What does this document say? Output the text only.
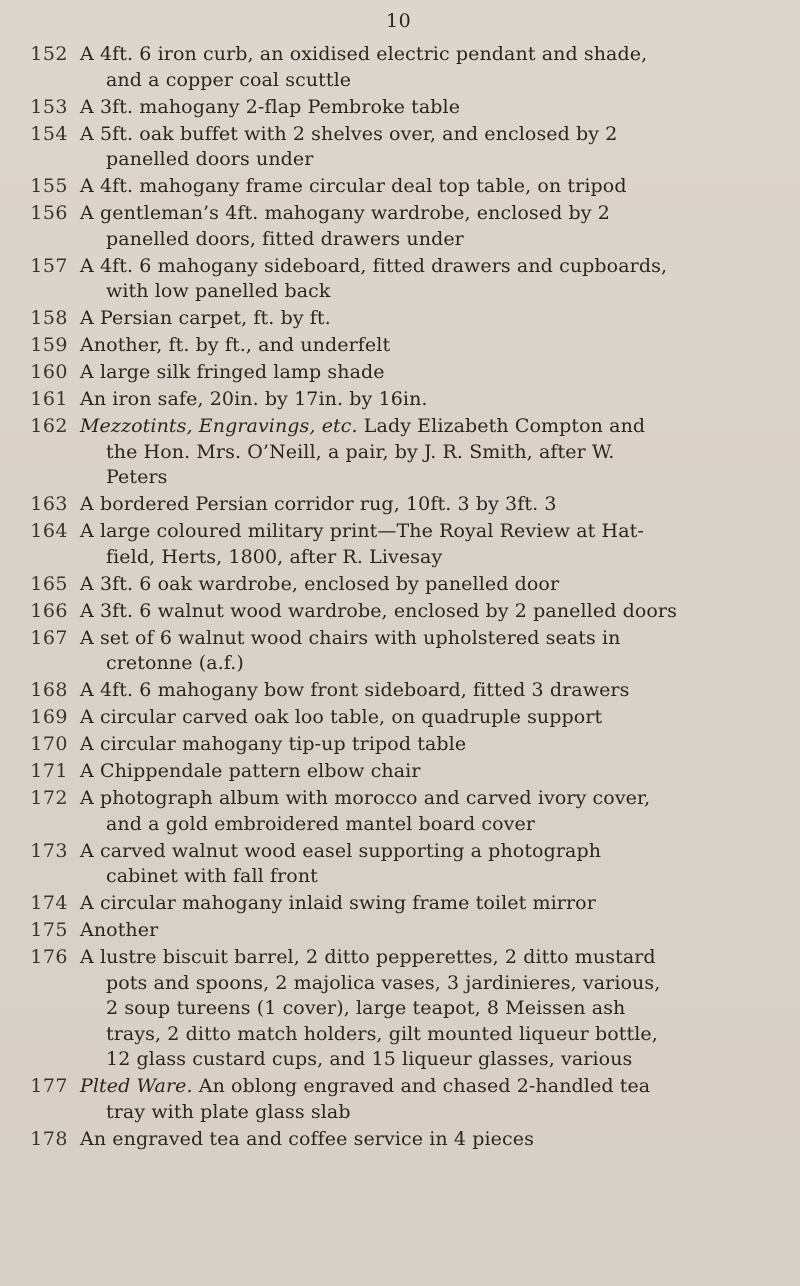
10
152 A 4ft. 6 iron curb, an oxidised electric pendant and shade,
and a copper coal scuttle
153 A 3ft. mahogany 2-flap Pembroke table
154 A 5ft. oak buffet with 2 shelves over, and enclosed by 2
panelled doors under
155 A 4ft. mahogany frame circular deal top table, on tripod
156 A gentleman’s 4ft. mahogany wardrobe, enclosed by 2
panelled doors, fitted drawers under
157 A 4ft. 6 mahogany sideboard, fitted drawers and cupboards,
with low panelled back
158 A Persian carpet, ft. by ft.
159 Another, ft. by ft., and underfelt
160 A large silk fringed lamp shade
161 An iron safe, 20in. by 17in. by 16in.
162 Mezzotints, Engravings, etc. Lady Elizabeth Compton and
the Hon. Mrs. O’Neill, a pair, by J. R. Smith, after W.
Peters
163 A bordered Persian corridor rug, 10ft. 3 by 3ft. 3
164 A large coloured military print—The Royal Review at Hat-
field, Herts, 1800, after R. Livesay
165 A 3ft. 6 oak wardrobe, enclosed by panelled door
166 A 3ft. 6 walnut wood wardrobe, enclosed by 2 panelled doors
167 A set of 6 walnut wood chairs with upholstered seats in
cretonne (a.f.)
168 A 4ft. 6 mahogany bow front sideboard, fitted 3 drawers
169 A circular carved oak loo table, on quadruple support
170 A circular mahogany tip-up tripod table
171 A Chippendale pattern elbow chair
172 A photograph album with morocco and carved ivory cover,
and a gold embroidered mantel board cover
173 A carved walnut wood easel supporting a photograph
cabinet with fall front
174 A circular mahogany inlaid swing frame toilet mirror
175 Another
176 A lustre biscuit barrel, 2 ditto pepperettes, 2 ditto mustard
pots and spoons, 2 majolica vases, 3 jardinieres, various,
2 soup tureens (1 cover), large teapot, 8 Meissen ash
trays, 2 ditto match holders, gilt mounted liqueur bottle,
12 glass custard cups, and 15 liqueur glasses, various
177 Plted Ware. An oblong engraved and chased 2-handled tea
tray with plate glass slab
178 An engraved tea and coffee service in 4 pieces
